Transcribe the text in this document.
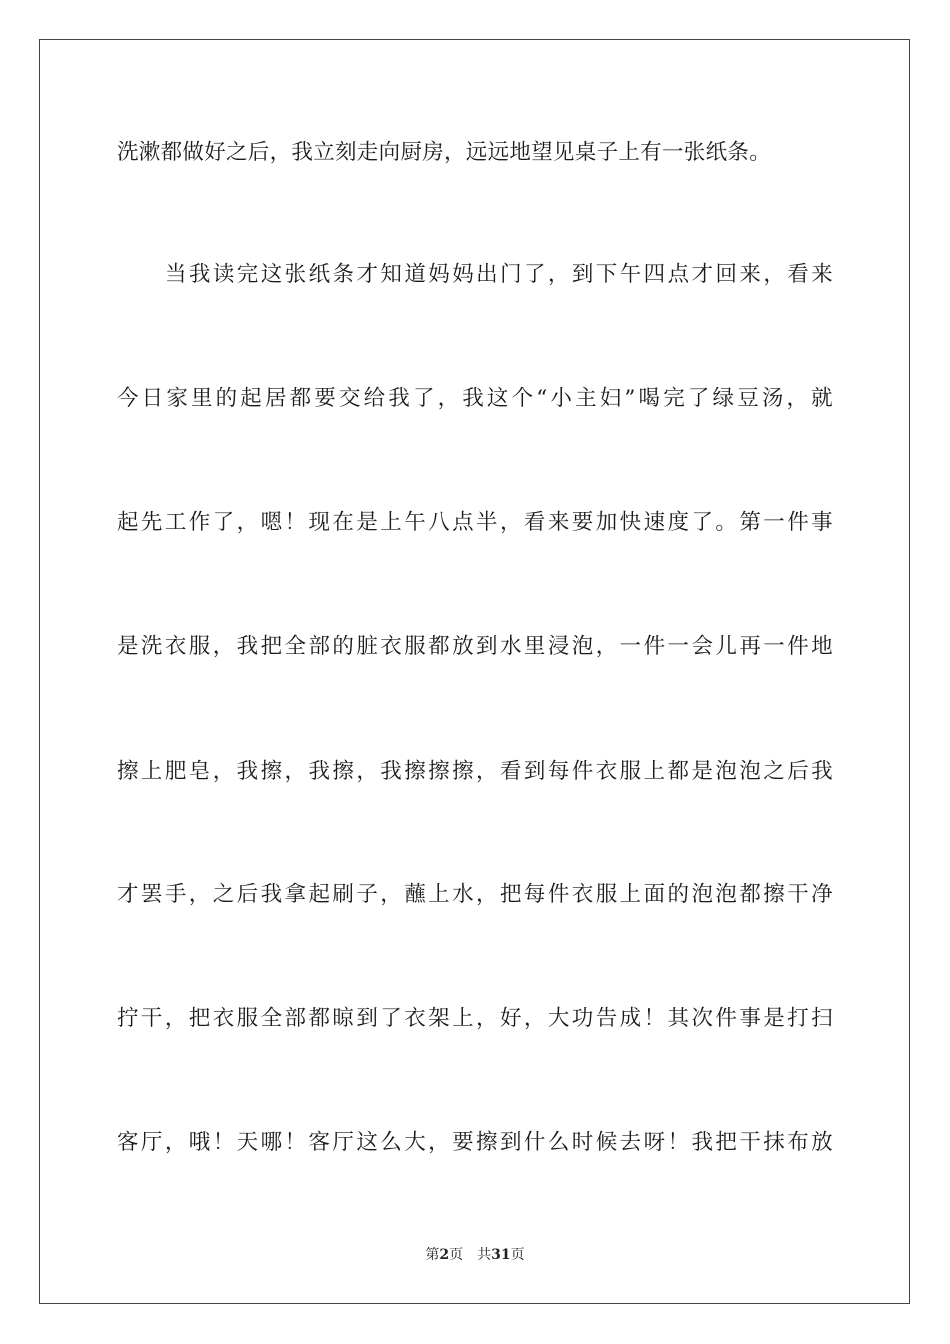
洗漱都做好之后，我立刻走向厨房，远远地望见桌子上有一张纸条。
当我读完这张纸条才知道妈妈出门了，到下午四点才回来，看来
今日家里的起居都要交给我了，我这个“小主妇”喝完了绿豆汤，就
起先工作了，嗯！现在是上午八点半，看来要加快速度了。第一件事
是洗衣服，我把全部的脏衣服都放到水里浸泡，一件一会儿再一件地
擦上肥皂，我擦，我擦，我擦擦擦，看到每件衣服上都是泡泡之后我
才罢手，之后我拿起刷子，蘸上水，把每件衣服上面的泡泡都擦干净
拧干，把衣服全部都晾到了衣架上，好，大功告成！其次件事是打扫
客厅，哦！天哪！客厅这么大，要擦到什么时候去呀！我把干抹布放
第2页 共31页
